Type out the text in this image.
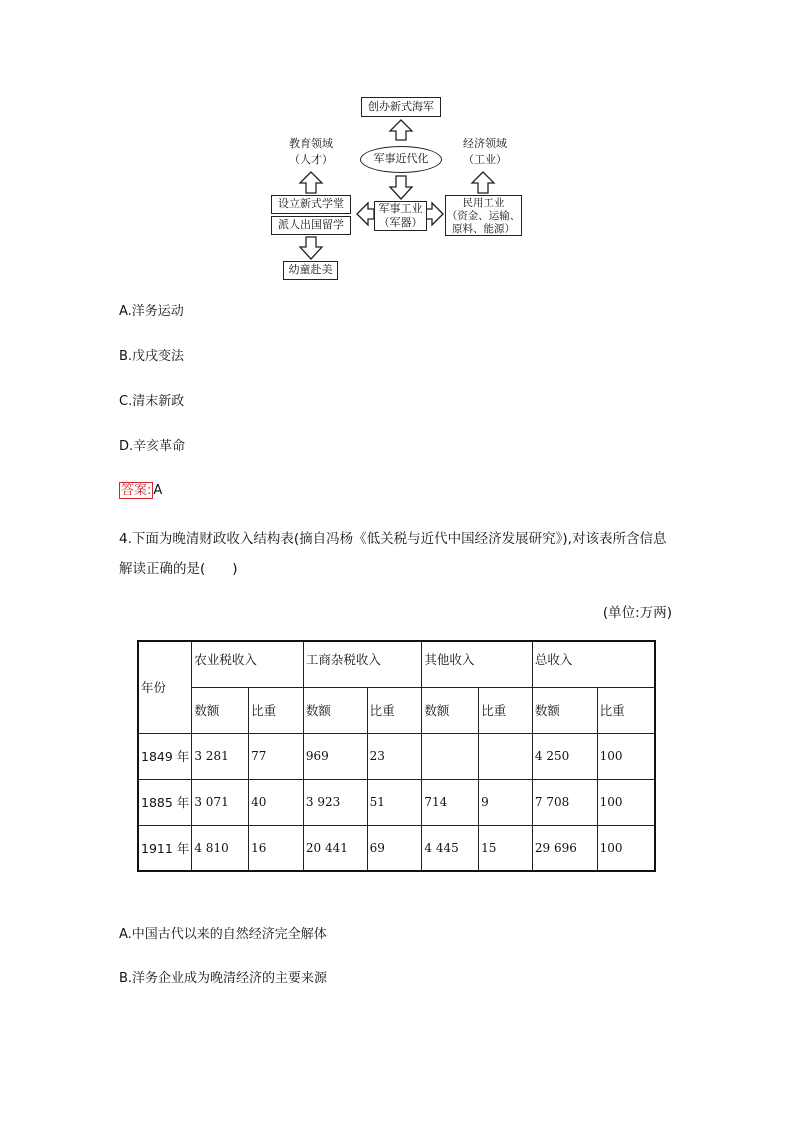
创办新式海军
军事近代化
教育领域
（人才）
经济领域
（工业）
设立新式学堂
派人出国留学
幼童赴美
军事工业
（军器）
民用工业
（资金、运输、
原料、能源）
A.洋务运动
B.戊戌变法
C.清末新政
D.辛亥革命
答案: A
4.下面为晚清财政收入结构表(摘自冯杨《低关税与近代中国经济发展研究》),对该表所含信息解读正确的是(　　)
(单位:万两)
年份	农业税收入		工商杂税收入		其他收入		总收入	
	数额	比重	数额	比重	数额	比重	数额	比重
1849 年	3 281	77	969	23			4 250	100
1885 年	3 071	40	3 923	51	714	9	7 708	100
1911 年	4 810	16	20 441	69	4 445	15	29 696	100
A.中国古代以来的自然经济完全解体
B.洋务企业成为晚清经济的主要来源
